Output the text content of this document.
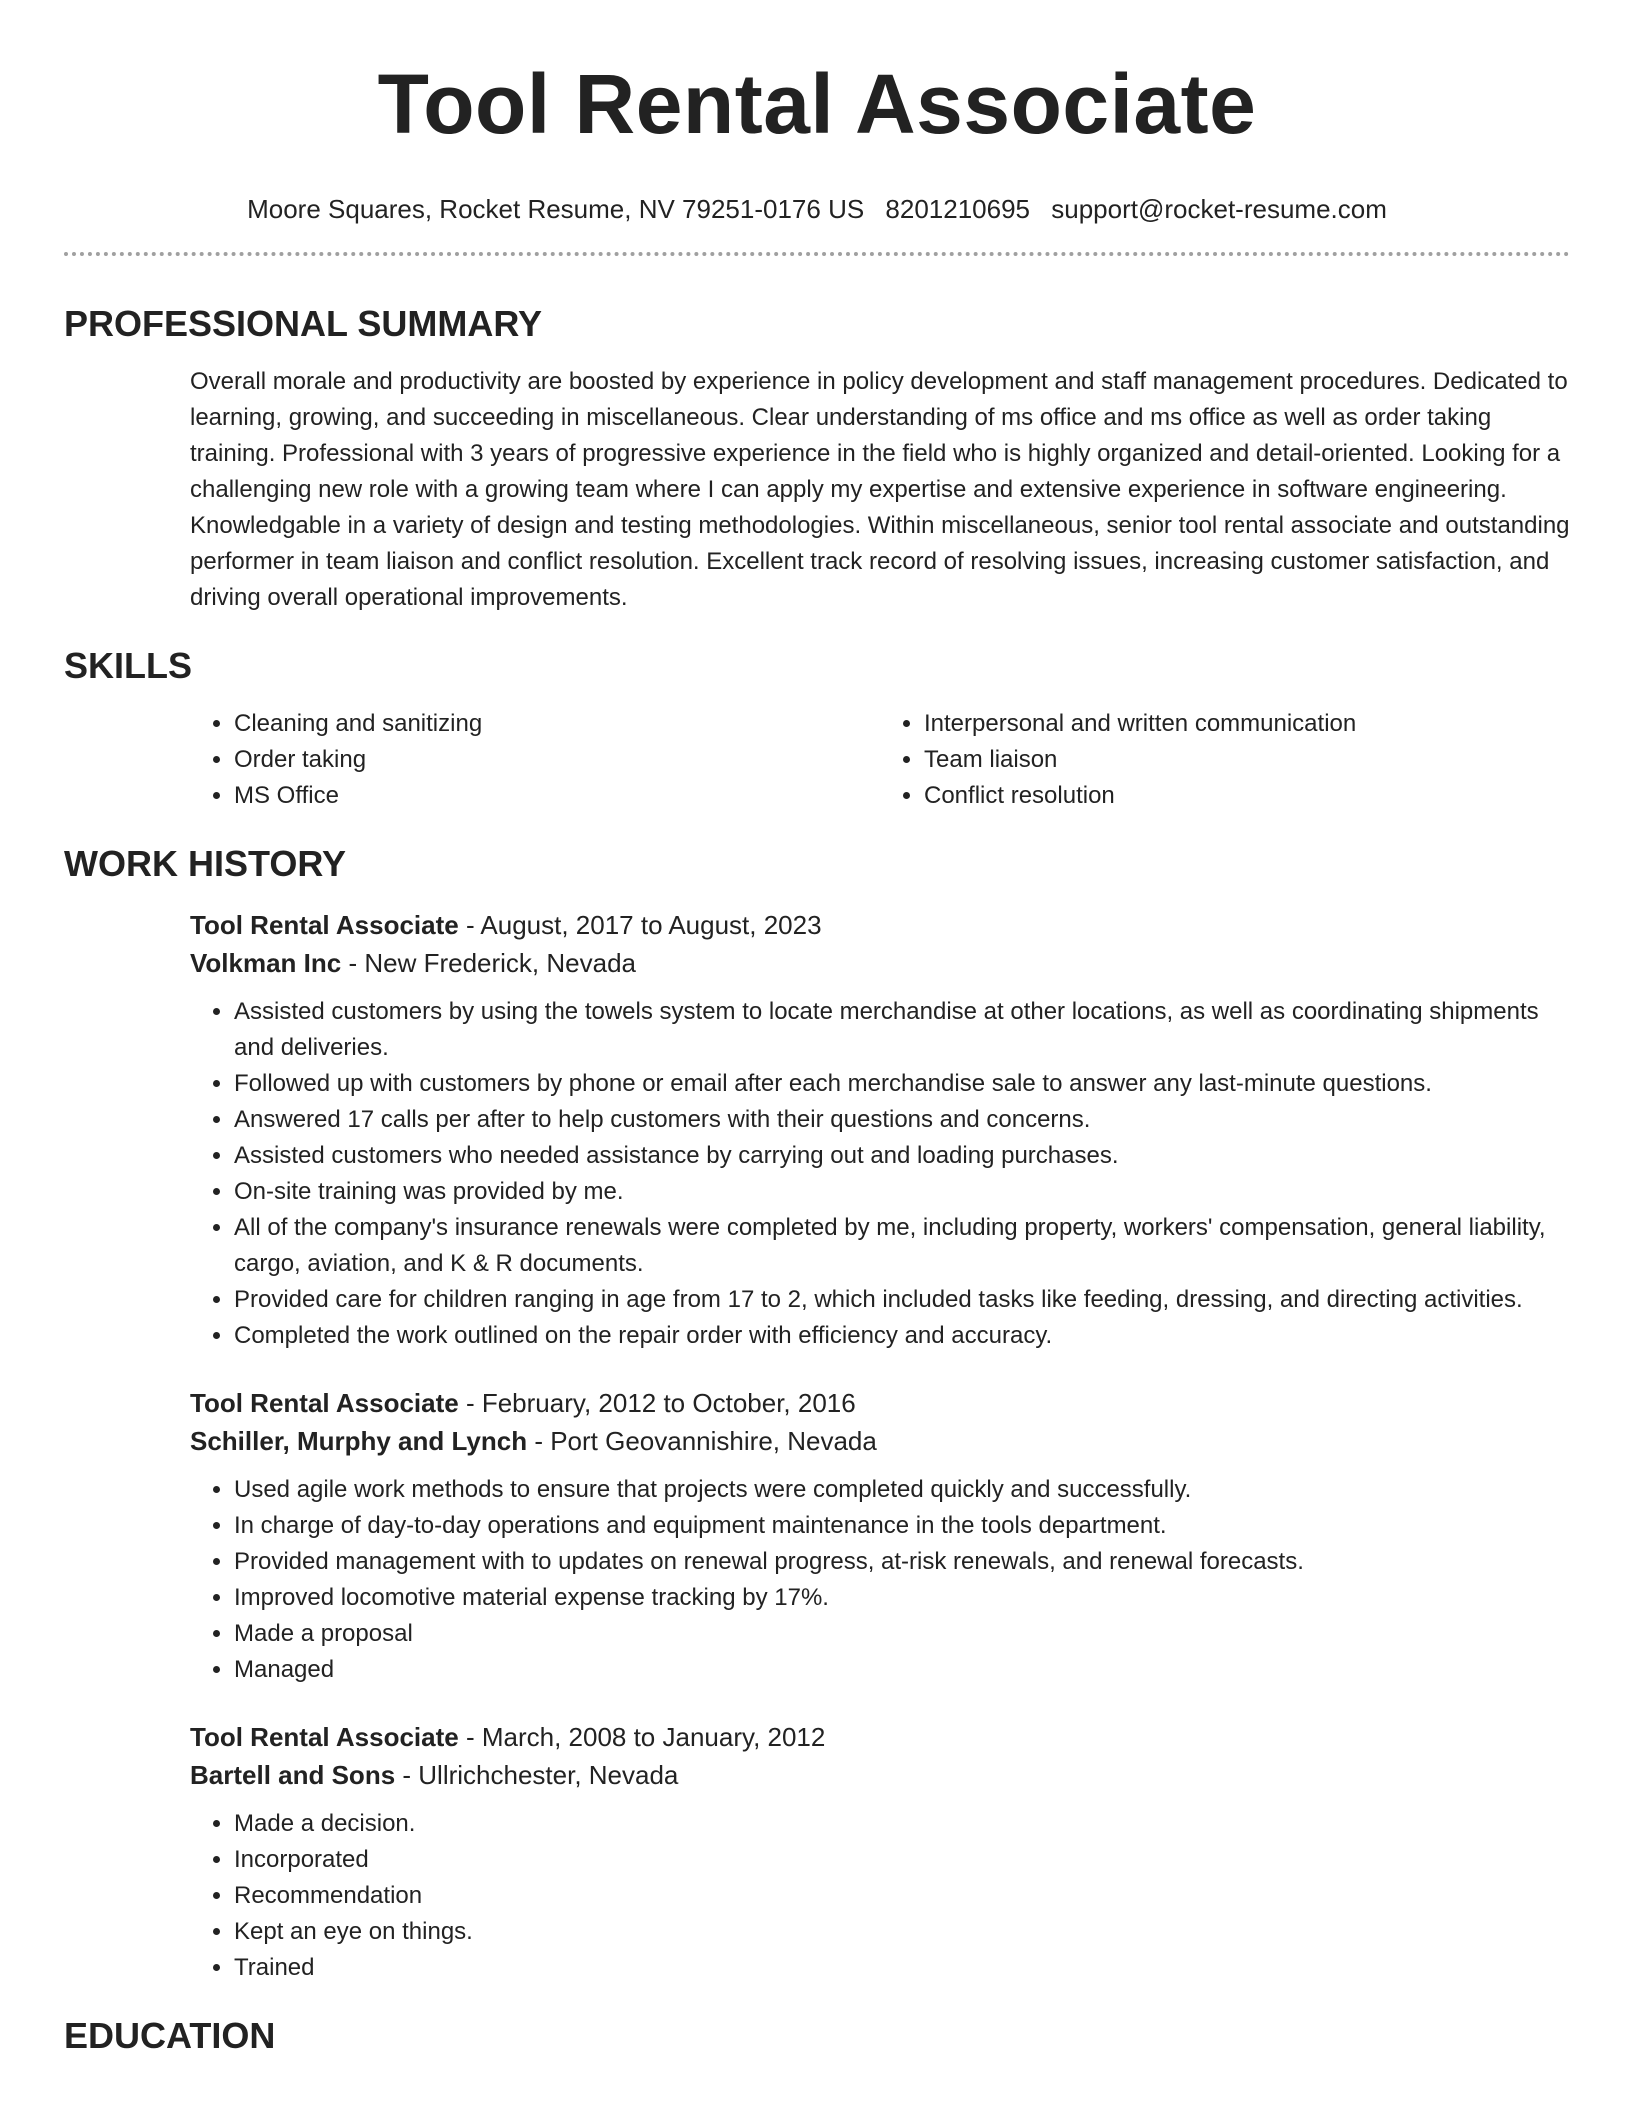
Tool Rental Associate
Moore Squares, Rocket Resume, NV 79251-0176 US 8201210695 support@rocket-resume.com
PROFESSIONAL SUMMARY

Overall morale and productivity are boosted by experience in policy development and staff management procedures. Dedicated to learning, growing, and succeeding in miscellaneous. Clear understanding of ms office and ms office as well as order taking training. Professional with 3 years of progressive experience in the field who is highly organized and detail-oriented. Looking for a challenging new role with a growing team where I can apply my expertise and extensive experience in software engineering. Knowledgable in a variety of design and testing methodologies. Within miscellaneous, senior tool rental associate and outstanding performer in team liaison and conflict resolution. Excellent track record of resolving issues, increasing customer satisfaction, and driving overall operational improvements.

SKILLS
• Cleaning and sanitizing
• Order taking
• MS Office
• Interpersonal and written communication
• Team liaison
• Conflict resolution
WORK HISTORY
Tool Rental Associate - August, 2017 to August, 2023
Volkman Inc - New Frederick, Nevada
• Assisted customers by using the towels system to locate merchandise at other locations, as well as coordinating shipments and deliveries.
• Followed up with customers by phone or email after each merchandise sale to answer any last-minute questions.
• Answered 17 calls per after to help customers with their questions and concerns.
• Assisted customers who needed assistance by carrying out and loading purchases.
• On-site training was provided by me.
• All of the company's insurance renewals were completed by me, including property, workers' compensation, general liability, cargo, aviation, and K & R documents.
• Provided care for children ranging in age from 17 to 2, which included tasks like feeding, dressing, and directing activities.
• Completed the work outlined on the repair order with efficiency and accuracy.
Tool Rental Associate - February, 2012 to October, 2016
Schiller, Murphy and Lynch - Port Geovannishire, Nevada
• Used agile work methods to ensure that projects were completed quickly and successfully.
• In charge of day-to-day operations and equipment maintenance in the tools department.
• Provided management with to updates on renewal progress, at-risk renewals, and renewal forecasts.
• Improved locomotive material expense tracking by 17%.
• Made a proposal
• Managed
Tool Rental Associate - March, 2008 to January, 2012
Bartell and Sons - Ullrichchester, Nevada
• Made a decision.
• Incorporated
• Recommendation
• Kept an eye on things.
• Trained
EDUCATION
